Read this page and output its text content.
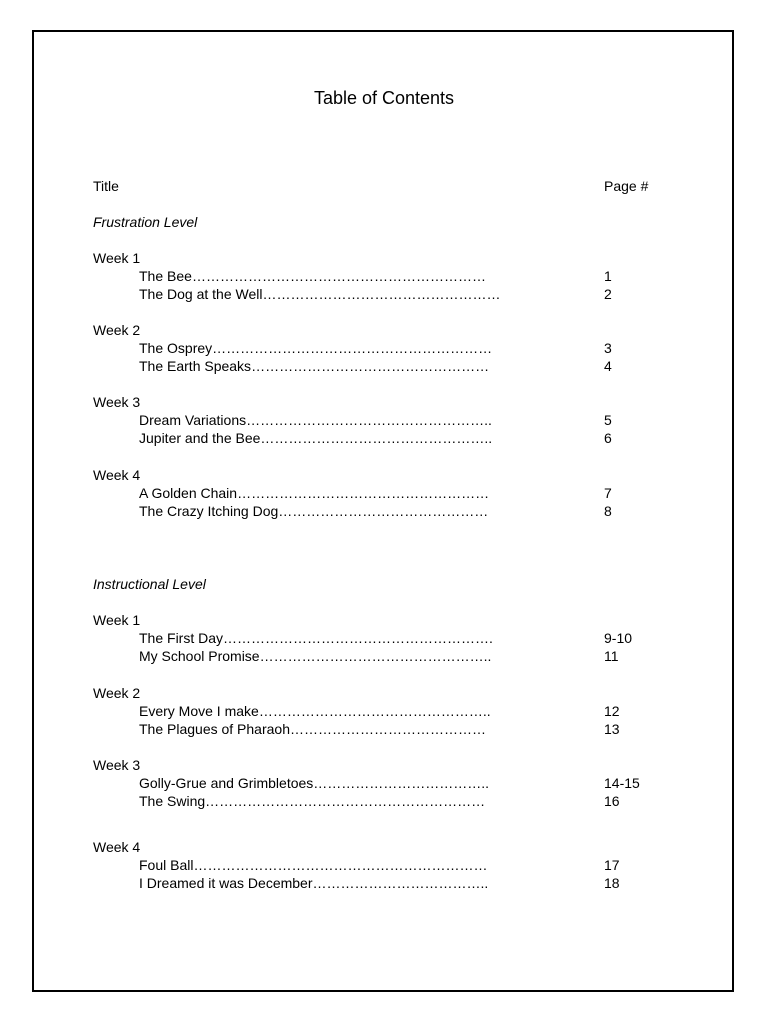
Table of Contents
Title	Page #
Frustration Level
Week 1
The Bee………………………………………………………	1
The Dog at the Well……………………………………………	2
Week 2
The Osprey……………………………………………………	3
The Earth Speaks……………………………………………	4
Week 3
Dream Variations……………………………………………..	5
Jupiter and the Bee…………………………………………..	6
Week 4
A Golden Chain………………………………………………	7
The Crazy Itching Dog………………………………………	8
Instructional Level
Week 1
The First Day………………………………………………….	9-10
My School Promise…………………………………………..	11
Week 2
Every Move I make…………………………………………..	12
The Plagues of Pharaoh……………………………………	13
Week 3
Golly-Grue and Grimbletoes………………………………..	14-15
The Swing……………………………………………………	16
Week 4
Foul Ball………………………………………………………	17
I Dreamed it was December………………………………..	18
